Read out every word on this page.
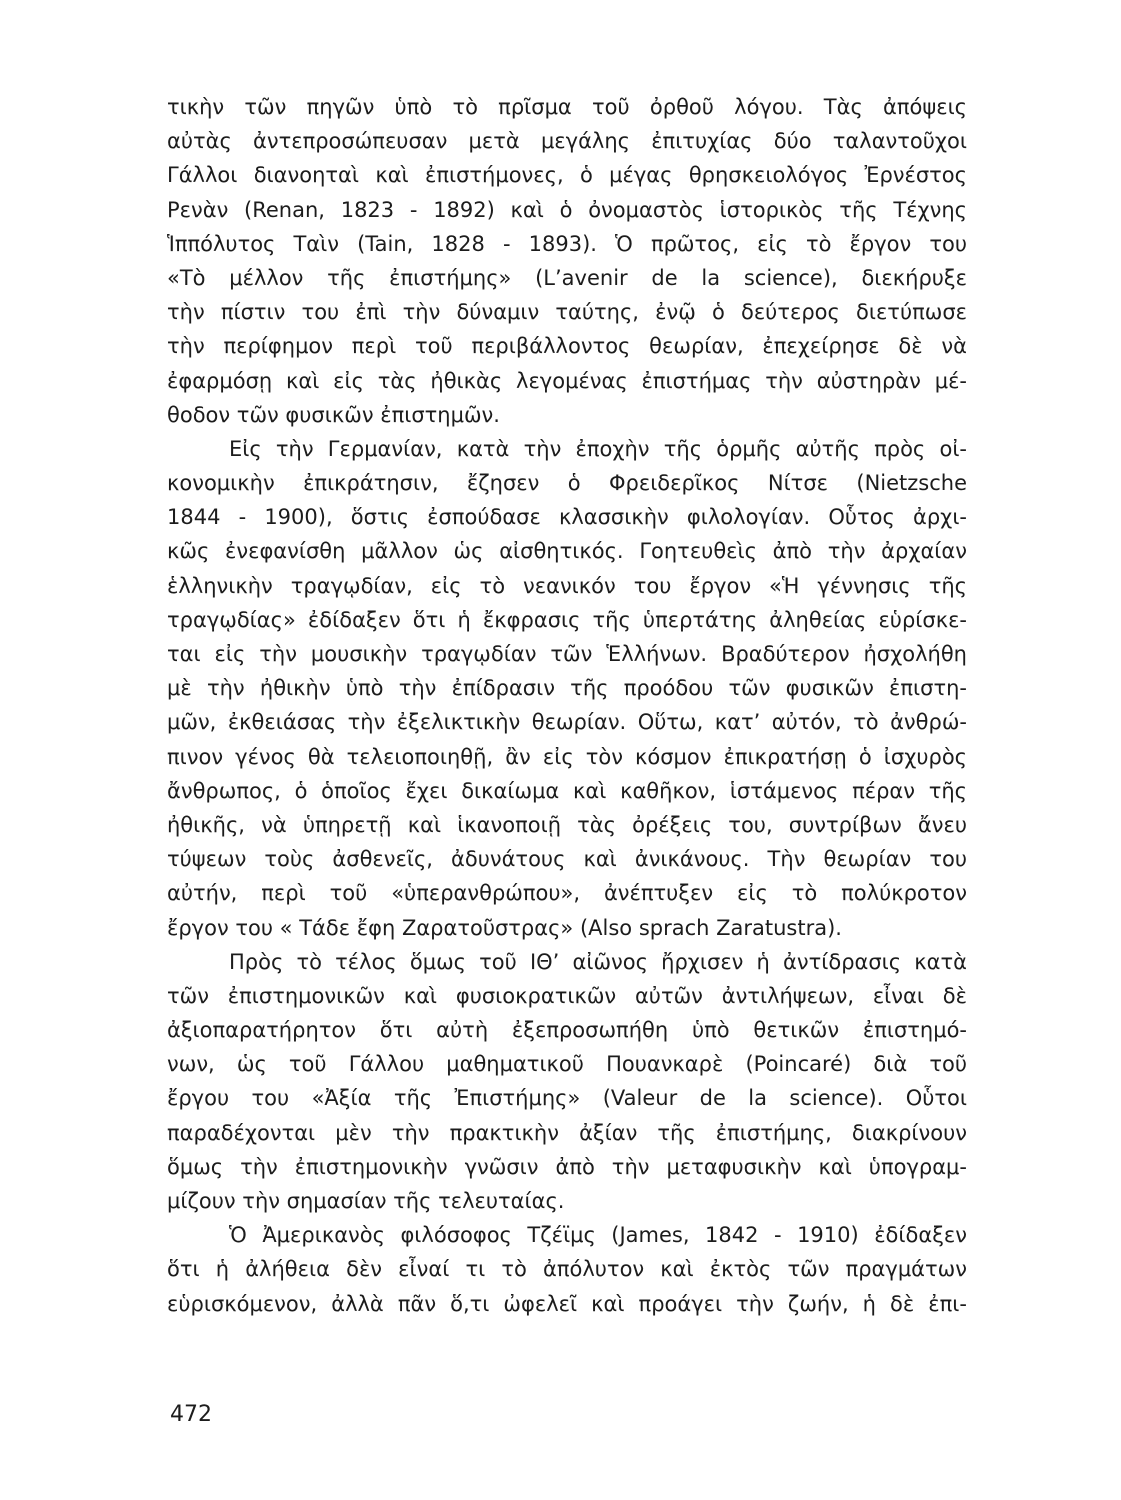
τικὴν τῶν πηγῶν ὑπὸ τὸ πρῖσμα τοῦ ὀρθοῦ λόγου. Τὰς ἀπόψεις
αὐτὰς ἀντεπροσώπευσαν μετὰ μεγάλης ἐπιτυχίας δύο ταλαντοῦχοι
Γάλλοι διανοηταὶ καὶ ἐπιστήμονες, ὁ μέγας θρησκειολόγος Ἐρνέστος
Ρενὰν (Renan, 1823 - 1892) καὶ ὁ ὀνομαστὸς ἱστορικὸς τῆς Τέχνης
Ἱππόλυτος Ταὶν (Tain, 1828 - 1893). Ὁ πρῶτος, εἰς τὸ ἔργον του
«Τὸ μέλλον τῆς ἐπιστήμης» (L’avenir de la science), διεκήρυξε
τὴν πίστιν του ἐπὶ τὴν δύναμιν ταύτης, ἐνῷ ὁ δεύτερος διετύπωσε
τὴν περίφημον περὶ τοῦ περιβάλλοντος θεωρίαν, ἐπεχείρησε δὲ νὰ
ἐφαρμόσῃ καὶ εἰς τὰς ἠθικὰς λεγομένας ἐπιστήμας τὴν αὐστηρὰν μέ-
θοδον τῶν φυσικῶν ἐπιστημῶν.
Εἰς τὴν Γερμανίαν, κατὰ τὴν ἐποχὴν τῆς ὁρμῆς αὐτῆς πρὸς οἰ-
κονομικὴν ἐπικράτησιν, ἔζησεν ὁ Φρειδερῖκος Νίτσε (Nietzsche
1844 - 1900), ὅστις ἐσπούδασε κλασσικὴν φιλολογίαν. Οὗτος ἀρχι-
κῶς ἐνεφανίσθη μᾶλλον ὡς αἰσθητικός. Γοητευθεὶς ἀπὸ τὴν ἀρχαίαν
ἑλληνικὴν τραγῳδίαν, εἰς τὸ νεανικόν του ἔργον «Ἡ γέννησις τῆς
τραγῳδίας» ἐδίδαξεν ὅτι ἡ ἔκφρασις τῆς ὑπερτάτης ἀληθείας εὑρίσκε-
ται εἰς τὴν μουσικὴν τραγῳδίαν τῶν Ἑλλήνων. Βραδύτερον ἠσχολήθη
μὲ τὴν ἠθικὴν ὑπὸ τὴν ἐπίδρασιν τῆς προόδου τῶν φυσικῶν ἐπιστη-
μῶν, ἐκθειάσας τὴν ἐξελικτικὴν θεωρίαν. Οὕτω, κατ’ αὐτόν, τὸ ἀνθρώ-
πινον γένος θὰ τελειοποιηθῇ, ἂν εἰς τὸν κόσμον ἐπικρατήσῃ ὁ ἰσχυρὸς
ἄνθρωπος, ὁ ὁποῖος ἔχει δικαίωμα καὶ καθῆκον, ἱστάμενος πέραν τῆς
ἠθικῆς, νὰ ὑπηρετῇ καὶ ἱκανοποιῇ τὰς ὀρέξεις του, συντρίβων ἄνευ
τύψεων τοὺς ἀσθενεῖς, ἀδυνάτους καὶ ἀνικάνους. Τὴν θεωρίαν του
αὐτήν, περὶ τοῦ «ὑπερανθρώπου», ἀνέπτυξεν εἰς τὸ πολύκροτον
ἔργον του « Τάδε ἔφη Ζαρατοῦστρας» (Also sprach Zaratustra).
Πρὸς τὸ τέλος ὅμως τοῦ ΙΘ’ αἰῶνος ἤρχισεν ἡ ἀντίδρασις κατὰ
τῶν ἐπιστημονικῶν καὶ φυσιοκρατικῶν αὐτῶν ἀντιλήψεων, εἶναι δὲ
ἀξιοπαρατήρητον ὅτι αὐτὴ ἐξεπροσωπήθη ὑπὸ θετικῶν ἐπιστημό-
νων, ὡς τοῦ Γάλλου μαθηματικοῦ Πουανκαρὲ (Poincaré) διὰ τοῦ
ἔργου του «Ἀξία τῆς Ἐπιστήμης» (Valeur de la science). Οὗτοι
παραδέχονται μὲν τὴν πρακτικὴν ἀξίαν τῆς ἐπιστήμης, διακρίνουν
ὅμως τὴν ἐπιστημονικὴν γνῶσιν ἀπὸ τὴν μεταφυσικὴν καὶ ὑπογραμ-
μίζουν τὴν σημασίαν τῆς τελευταίας.
Ὁ Ἀμερικανὸς φιλόσοφος Τζέϊμς (James, 1842 - 1910) ἐδίδαξεν
ὅτι ἡ ἀλήθεια δὲν εἶναί τι τὸ ἀπόλυτον καὶ ἐκτὸς τῶν πραγμάτων
εὑρισκόμενον, ἀλλὰ πᾶν ὅ,τι ὠφελεῖ καὶ προάγει τὴν ζωήν, ἡ δὲ ἐπι-
472
